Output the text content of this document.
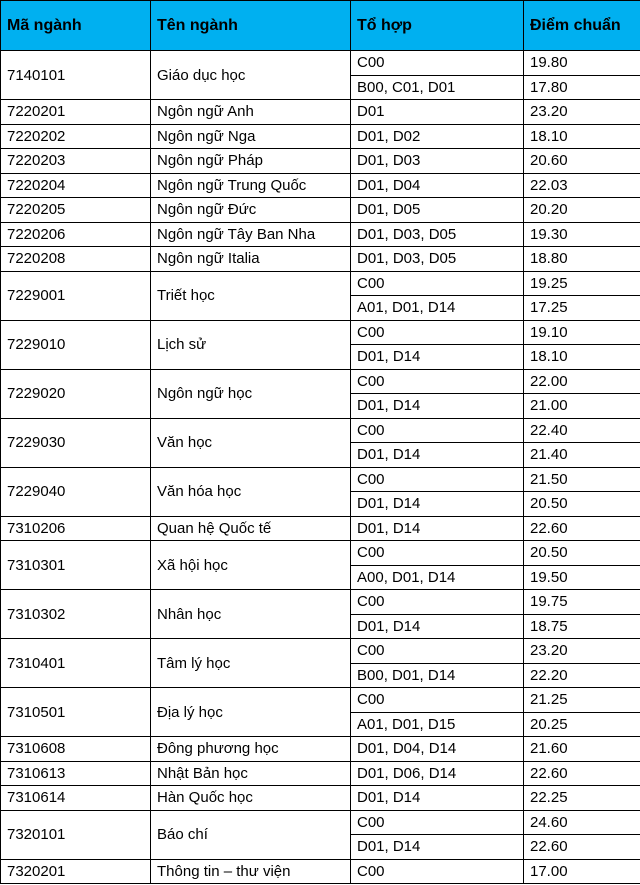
Mã ngành	Tên ngành	Tổ hợp	Điểm chuẩn
7140101	Giáo dục học	C00	19.80
		B00, C01, D01	17.80
7220201	Ngôn ngữ Anh	D01	23.20
7220202	Ngôn ngữ Nga	D01, D02	18.10
7220203	Ngôn ngữ Pháp	D01, D03	20.60
7220204	Ngôn ngữ Trung Quốc	D01, D04	22.03
7220205	Ngôn ngữ Đức	D01, D05	20.20
7220206	Ngôn ngữ Tây Ban Nha	D01, D03, D05	19.30
7220208	Ngôn ngữ Italia	D01, D03, D05	18.80
7229001	Triết học	C00	19.25
		A01, D01, D14	17.25
7229010	Lịch sử	C00	19.10
		D01, D14	18.10
7229020	Ngôn ngữ học	C00	22.00
		D01, D14	21.00
7229030	Văn học	C00	22.40
		D01, D14	21.40
7229040	Văn hóa học	C00	21.50
		D01, D14	20.50
7310206	Quan hệ Quốc tế	D01, D14	22.60
7310301	Xã hội học	C00	20.50
		A00, D01, D14	19.50
7310302	Nhân học	C00	19.75
		D01, D14	18.75
7310401	Tâm lý học	C00	23.20
		B00, D01, D14	22.20
7310501	Địa lý học	C00	21.25
		A01, D01, D15	20.25
7310608	Đông phương học	D01, D04, D14	21.60
7310613	Nhật Bản học	D01, D06, D14	22.60
7310614	Hàn Quốc học	D01, D14	22.25
7320101	Báo chí	C00	24.60
		D01, D14	22.60
7320201	Thông tin – thư viện	C00	17.00
